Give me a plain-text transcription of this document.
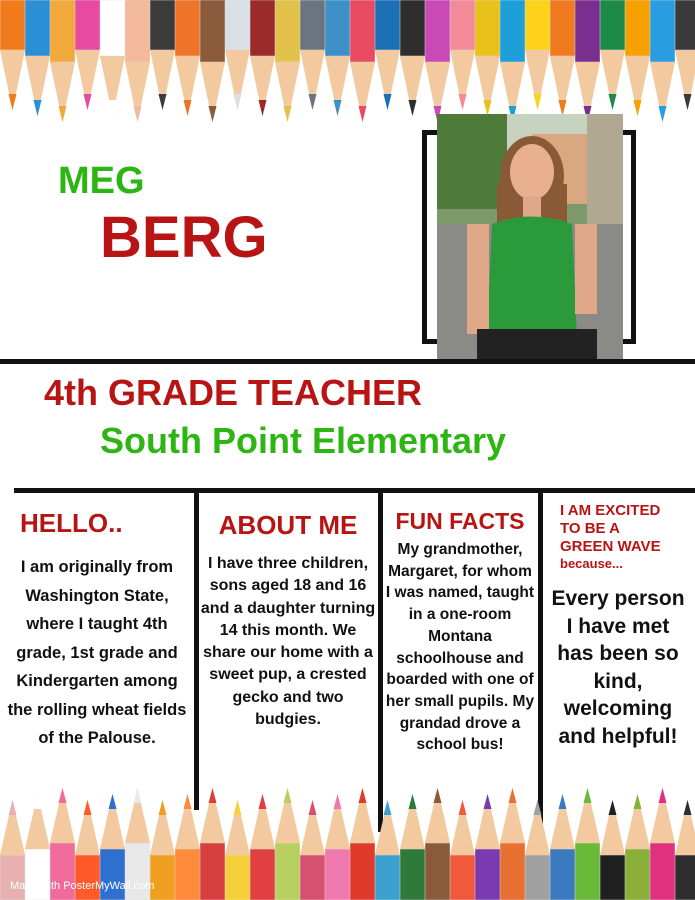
MEG
BERG
4th GRADE TEACHER
South Point Elementary
HELLO..

I am originally from Washington State, where I taught 4th grade, 1st grade and Kindergarten among the rolling wheat fields of the Palouse.

ABOUT ME

I have three children, sons aged 18 and 16 and a daughter turning 14 this month. We share our home with a sweet pup, a crested gecko and two budgies.

FUN FACTS

My grandmother, Margaret, for whom I was named, taught in a one-room Montana schoolhouse and boarded with one of her small pupils. My grandad drove a school bus!

I AM EXCITED
TO BE A
GREEN WAVE
because...

Every person I have met has been so kind, welcoming and helpful!

Made with PosterMyWall.com
